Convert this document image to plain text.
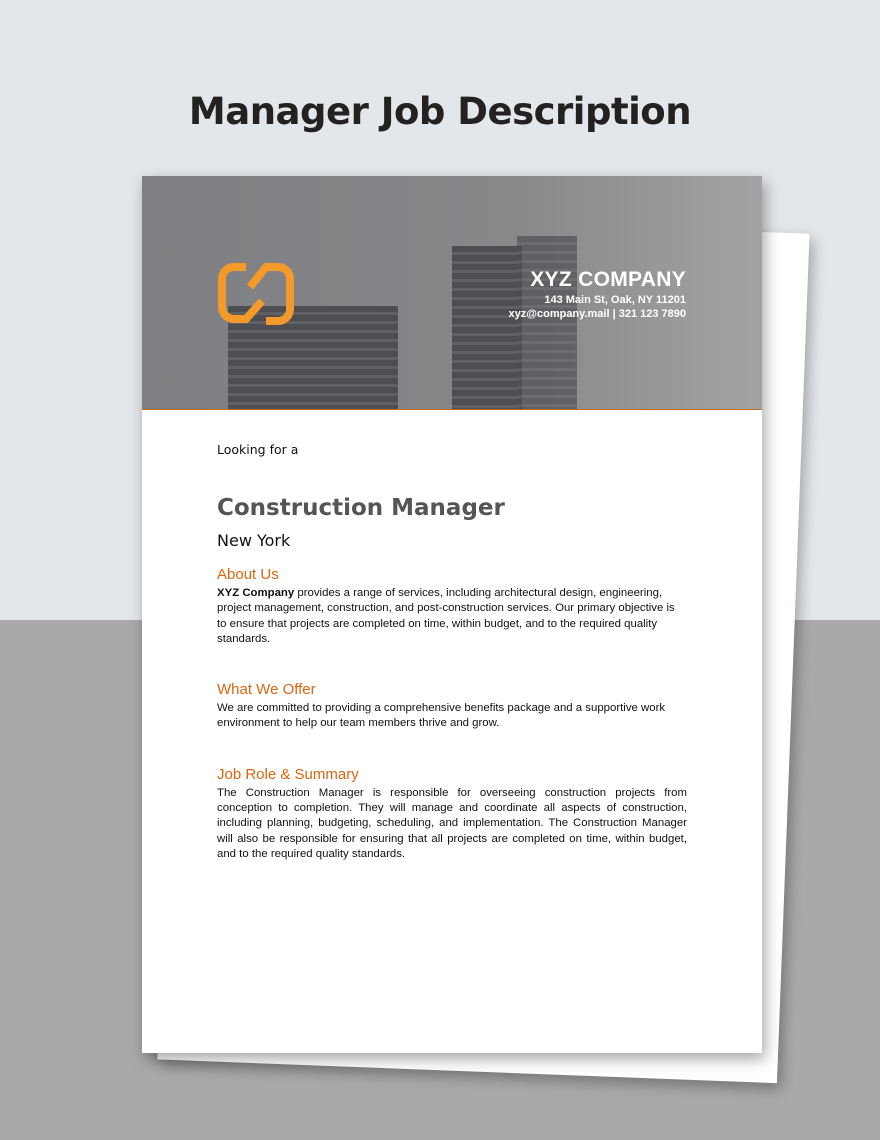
Manager Job Description
XYZ COMPANY
143 Main St, Oak, NY 11201
xyz@company.mail | 321 123 7890
Looking for a
Construction Manager
New York
About Us

XYZ Company provides a range of services, including architectural design, engineering, project management, construction, and post-construction services. Our primary objective is to ensure that projects are completed on time, within budget, and to the required quality standards.

What We Offer

We are committed to providing a comprehensive benefits package and a supportive work environment to help our team members thrive and grow.

Job Role & Summary

The Construction Manager is responsible for overseeing construction projects from conception to completion. They will manage and coordinate all aspects of construction, including planning, budgeting, scheduling, and implementation. The Construction Manager will also be responsible for ensuring that all projects are completed on time, within budget, and to the required quality standards.
